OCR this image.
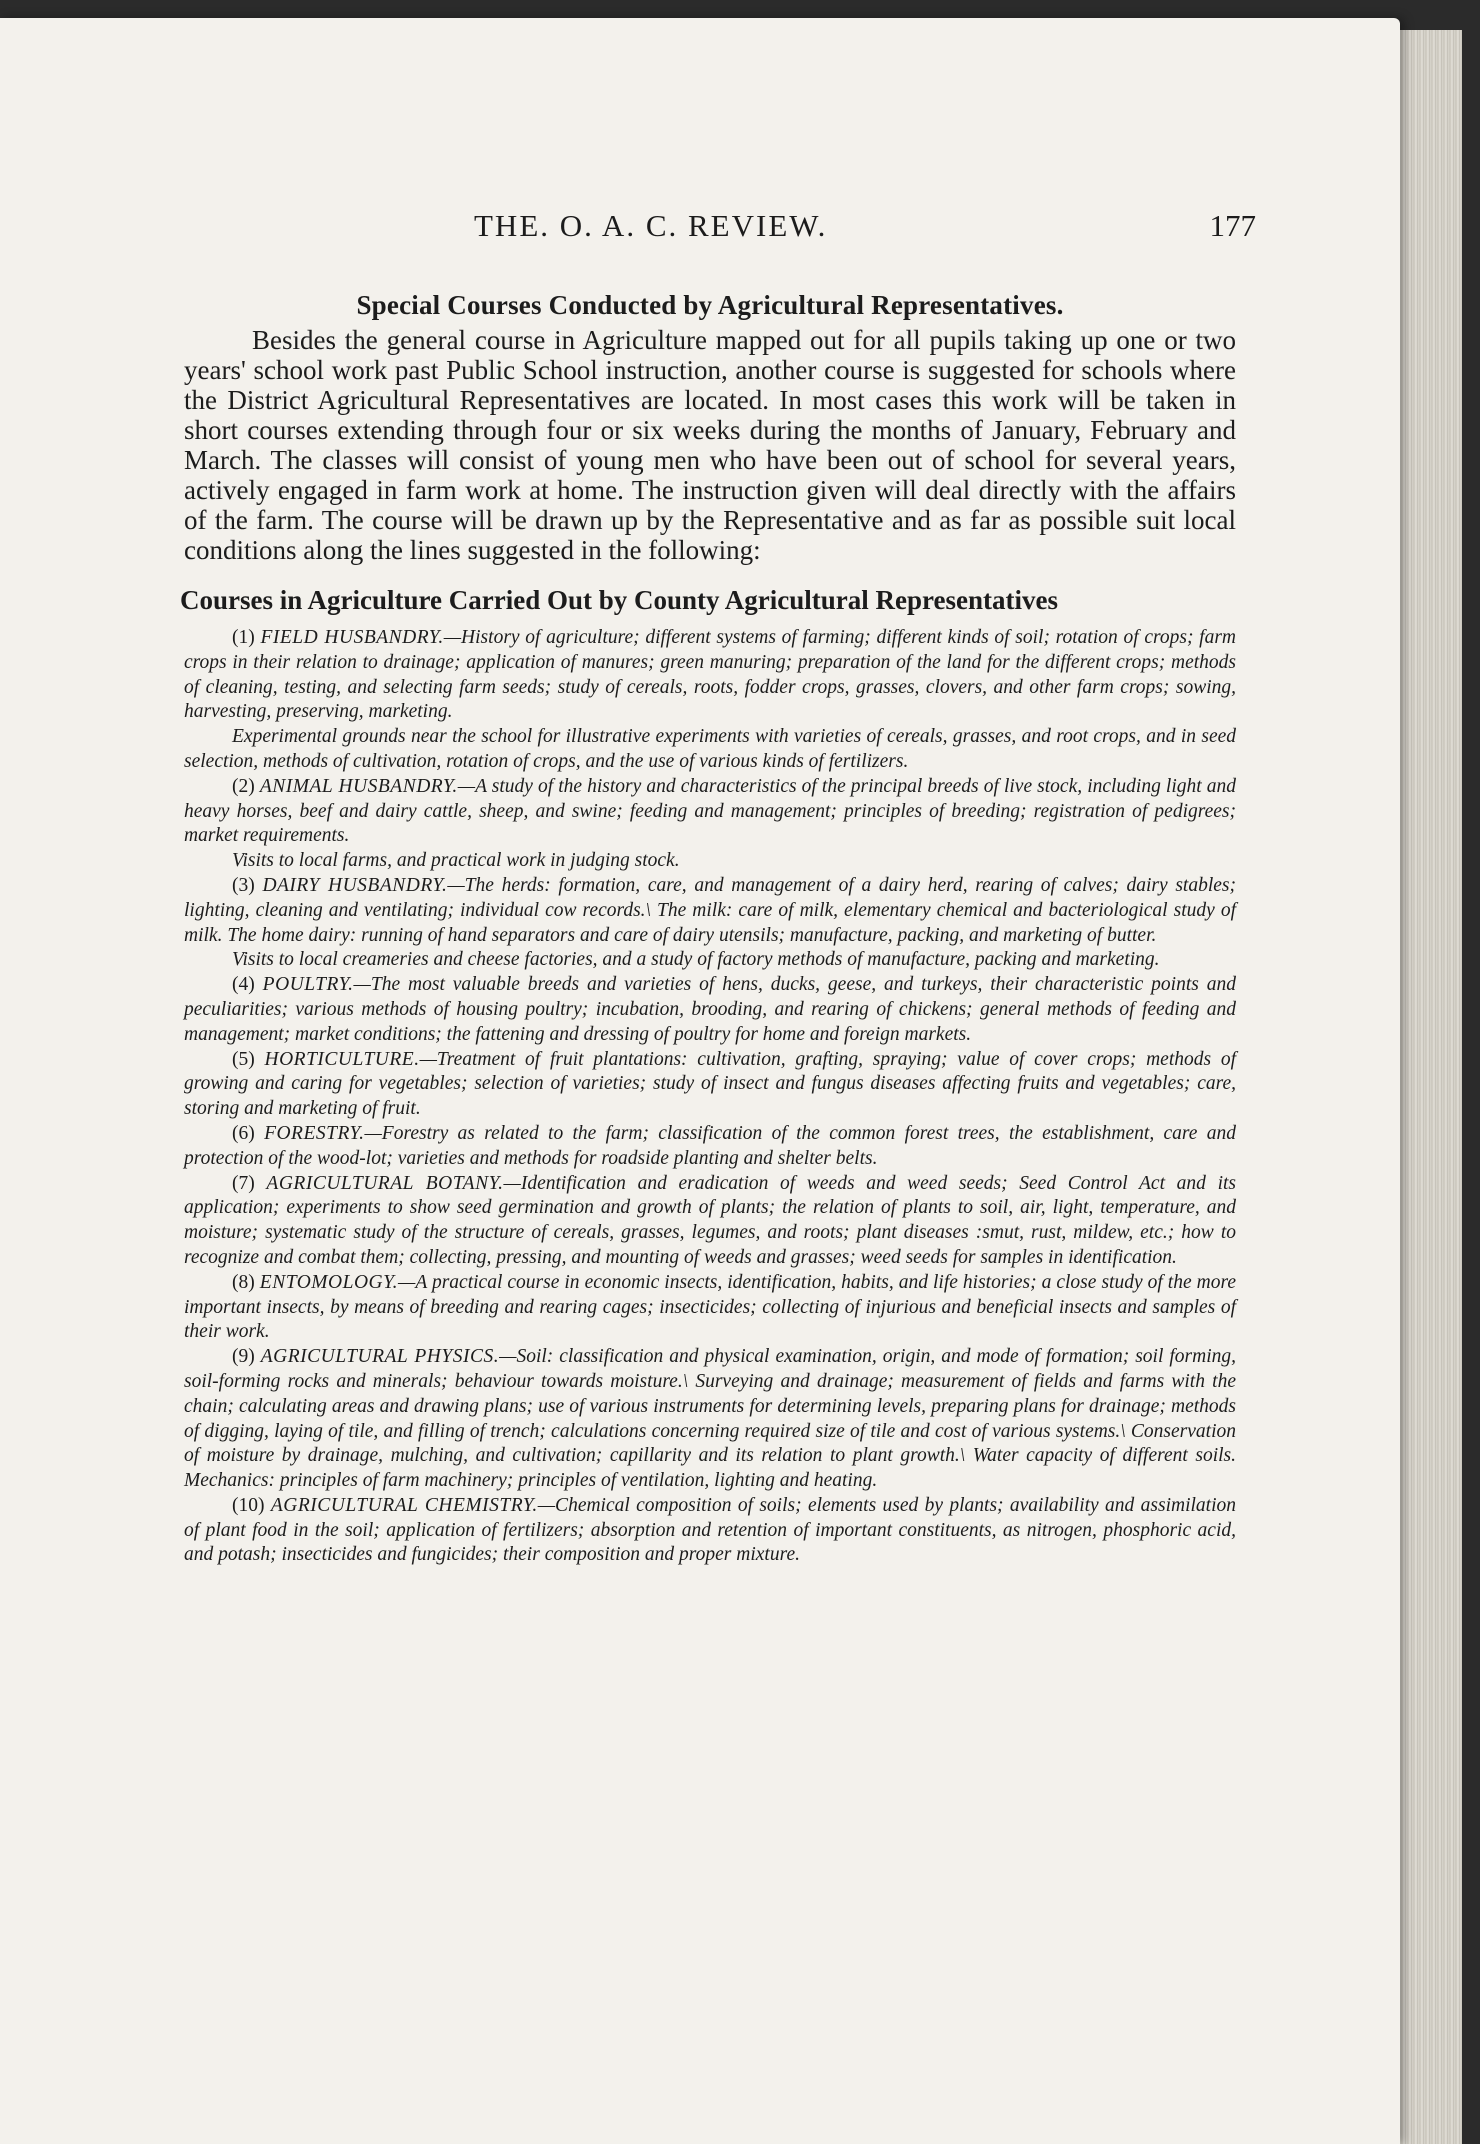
THE. O. A. C. REVIEW.	177
Special Courses Conducted by Agricultural Representatives.

Besides the general course in Agriculture mapped out for all pupils taking up one or two years' school work past Public School instruction, another course is suggested for schools where the District Agricultural Representatives are located. In most cases this work will be taken in short courses extending through four or six weeks during the months of January, February and March. The classes will consist of young men who have been out of school for several years, actively engaged in farm work at home. The instruction given will deal directly with the affairs of the farm. The course will be drawn up by the Representative and as far as possible suit local conditions along the lines suggested in the following:

Courses in Agriculture Carried Out by County Agricultural Representatives

(1) FIELD HUSBANDRY.—History of agriculture; different systems of farming; different kinds of soil; rotation of crops; farm crops in their relation to drainage; application of manures; green manuring; preparation of the land for the different crops; methods of cleaning, testing, and selecting farm seeds; study of cereals, roots, fodder crops, grasses, clovers, and other farm crops; sowing, harvesting, preserving, marketing.

Experimental grounds near the school for illustrative experiments with varieties of cereals, grasses, and root crops, and in seed selection, methods of cultivation, rotation of crops, and the use of various kinds of fertilizers.

(2) ANIMAL HUSBANDRY.—A study of the history and characteristics of the principal breeds of live stock, including light and heavy horses, beef and dairy cattle, sheep, and swine; feeding and management; principles of breeding; registration of pedigrees; market requirements.

Visits to local farms, and practical work in judging stock.

(3) DAIRY HUSBANDRY.—The herds: formation, care, and management of a dairy herd, rearing of calves; dairy stables; lighting, cleaning and ventilating; individual cow records.\ The milk: care of milk, elementary chemical and bacteriological study of milk. The home dairy: running of hand separators and care of dairy utensils; manufacture, packing, and marketing of butter.

Visits to local creameries and cheese factories, and a study of factory methods of manufacture, packing and marketing.

(4) POULTRY.—The most valuable breeds and varieties of hens, ducks, geese, and turkeys, their characteristic points and peculiarities; various methods of housing poultry; incubation, brooding, and rearing of chickens; general methods of feeding and management; market conditions; the fattening and dressing of poultry for home and foreign markets.

(5) HORTICULTURE.—Treatment of fruit plantations: cultivation, grafting, spraying; value of cover crops; methods of growing and caring for vegetables; selection of varieties; study of insect and fungus diseases affecting fruits and vegetables; care, storing and marketing of fruit.

(6) FORESTRY.—Forestry as related to the farm; classification of the common forest trees, the establishment, care and protection of the wood-lot; varieties and methods for roadside planting and shelter belts.

(7) AGRICULTURAL BOTANY.—Identification and eradication of weeds and weed seeds; Seed Control Act and its application; experiments to show seed germination and growth of plants; the relation of plants to soil, air, light, temperature, and moisture; systematic study of the structure of cereals, grasses, legumes, and roots; plant diseases :smut, rust, mildew, etc.; how to recognize and combat them; collecting, pressing, and mounting of weeds and grasses; weed seeds for samples in identification.

(8) ENTOMOLOGY.—A practical course in economic insects, identification, habits, and life histories; a close study of the more important insects, by means of breeding and rearing cages; insecticides; collecting of injurious and beneficial insects and samples of their work.

(9) AGRICULTURAL PHYSICS.—Soil: classification and physical examination, origin, and mode of formation; soil forming, soil-forming rocks and minerals; behaviour towards moisture.\ Surveying and drainage; measurement of fields and farms with the chain; calculating areas and drawing plans; use of various instruments for determining levels, preparing plans for drainage; methods of digging, laying of tile, and filling of trench; calculations concerning required size of tile and cost of various systems.\ Conservation of moisture by drainage, mulching, and cultivation; capillarity and its relation to plant growth.\ Water capacity of different soils. Mechanics: principles of farm machinery; principles of ventilation, lighting and heating.

(10) AGRICULTURAL CHEMISTRY.—Chemical composition of soils; elements used by plants; availability and assimilation of plant food in the soil; application of fertilizers; absorption and retention of important constituents, as nitrogen, phosphoric acid, and potash; insecticides and fungicides; their composition and proper mixture.
